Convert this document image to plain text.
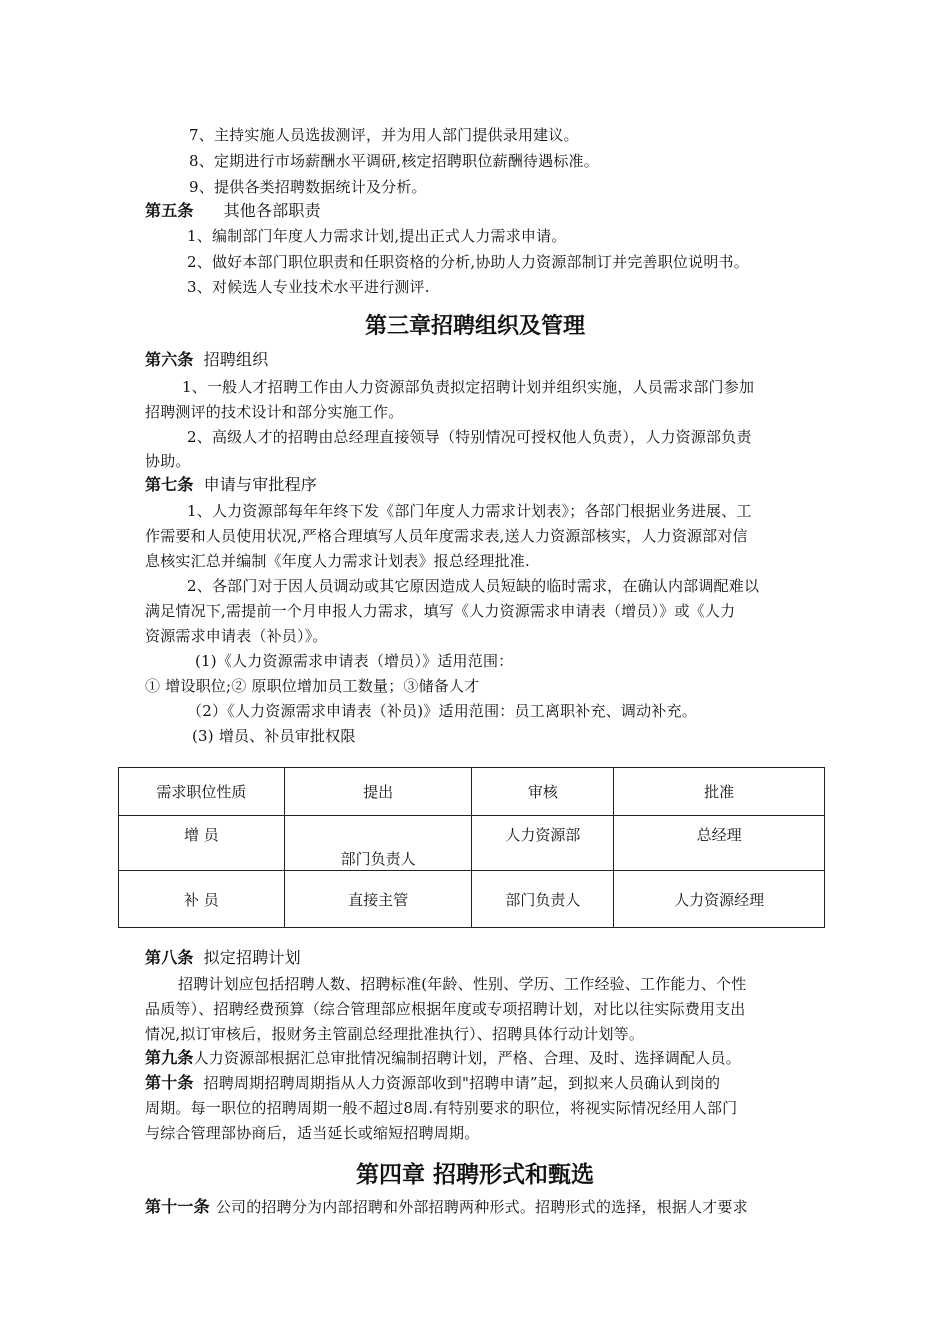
7、主持实施人员选拔测评，并为用人部门提供录用建议。
8、定期进行市场薪酬水平调研,核定招聘职位薪酬待遇标准。
9、提供各类招聘数据统计及分析。
第五条 其他各部职责
1、编制部门年度人力需求计划,提出正式人力需求申请。
2、做好本部门职位职责和任职资格的分析,协助人力资源部制订并完善职位说明书。
3、对候选人专业技术水平进行测评.
第三章招聘组织及管理
第六条 招聘组织
1、一般人才招聘工作由人力资源部负责拟定招聘计划并组织实施，人员需求部门参加
招聘测评的技术设计和部分实施工作。
2、高级人才的招聘由总经理直接领导（特别情况可授权他人负责），人力资源部负责
协助。
第七条 申请与审批程序
1、人力资源部每年年终下发《部门年度人力需求计划表》；各部门根据业务进展、工
作需要和人员使用状况,严格合理填写人员年度需求表,送人力资源部核实，人力资源部对信
息核实汇总并编制《年度人力需求计划表》报总经理批准.
2、各部门对于因人员调动或其它原因造成人员短缺的临时需求，在确认内部调配难以
满足情况下,需提前一个月申报人力需求，填写《人力资源需求申请表（增员）》或《人力
资源需求申请表（补员）》。
(1)《人力资源需求申请表（增员）》适用范围：
① 增设职位;② 原职位增加员工数量；③储备人才
（2）《人力资源需求申请表（补员)》适用范围：员工离职补充、调动补充。
(3) 增员、补员审批权限
需求职位性质	提出	审核	批准

增 员	部门负责人	人力资源部	总经理

补 员	直接主管	部门负责人	人力资源经理
第八条 拟定招聘计划
招聘计划应包括招聘人数、招聘标准(年龄、性别、学历、工作经验、工作能力、个性
品质等）、招聘经费预算（综合管理部应根据年度或专项招聘计划，对比以往实际费用支出
情况,拟订审核后，报财务主管副总经理批准执行）、招聘具体行动计划等。
第九条人力资源部根据汇总审批情况编制招聘计划，严格、合理、及时、选择调配人员。
第十条 招聘周期招聘周期指从人力资源部收到"招聘申请”起，到拟来人员确认到岗的
周期。每一职位的招聘周期一般不超过8周.有特别要求的职位，将视实际情况经用人部门
与综合管理部协商后，适当延长或缩短招聘周期。
第四章 招聘形式和甄选
第十一条 公司的招聘分为内部招聘和外部招聘两种形式。招聘形式的选择，根据人才要求
